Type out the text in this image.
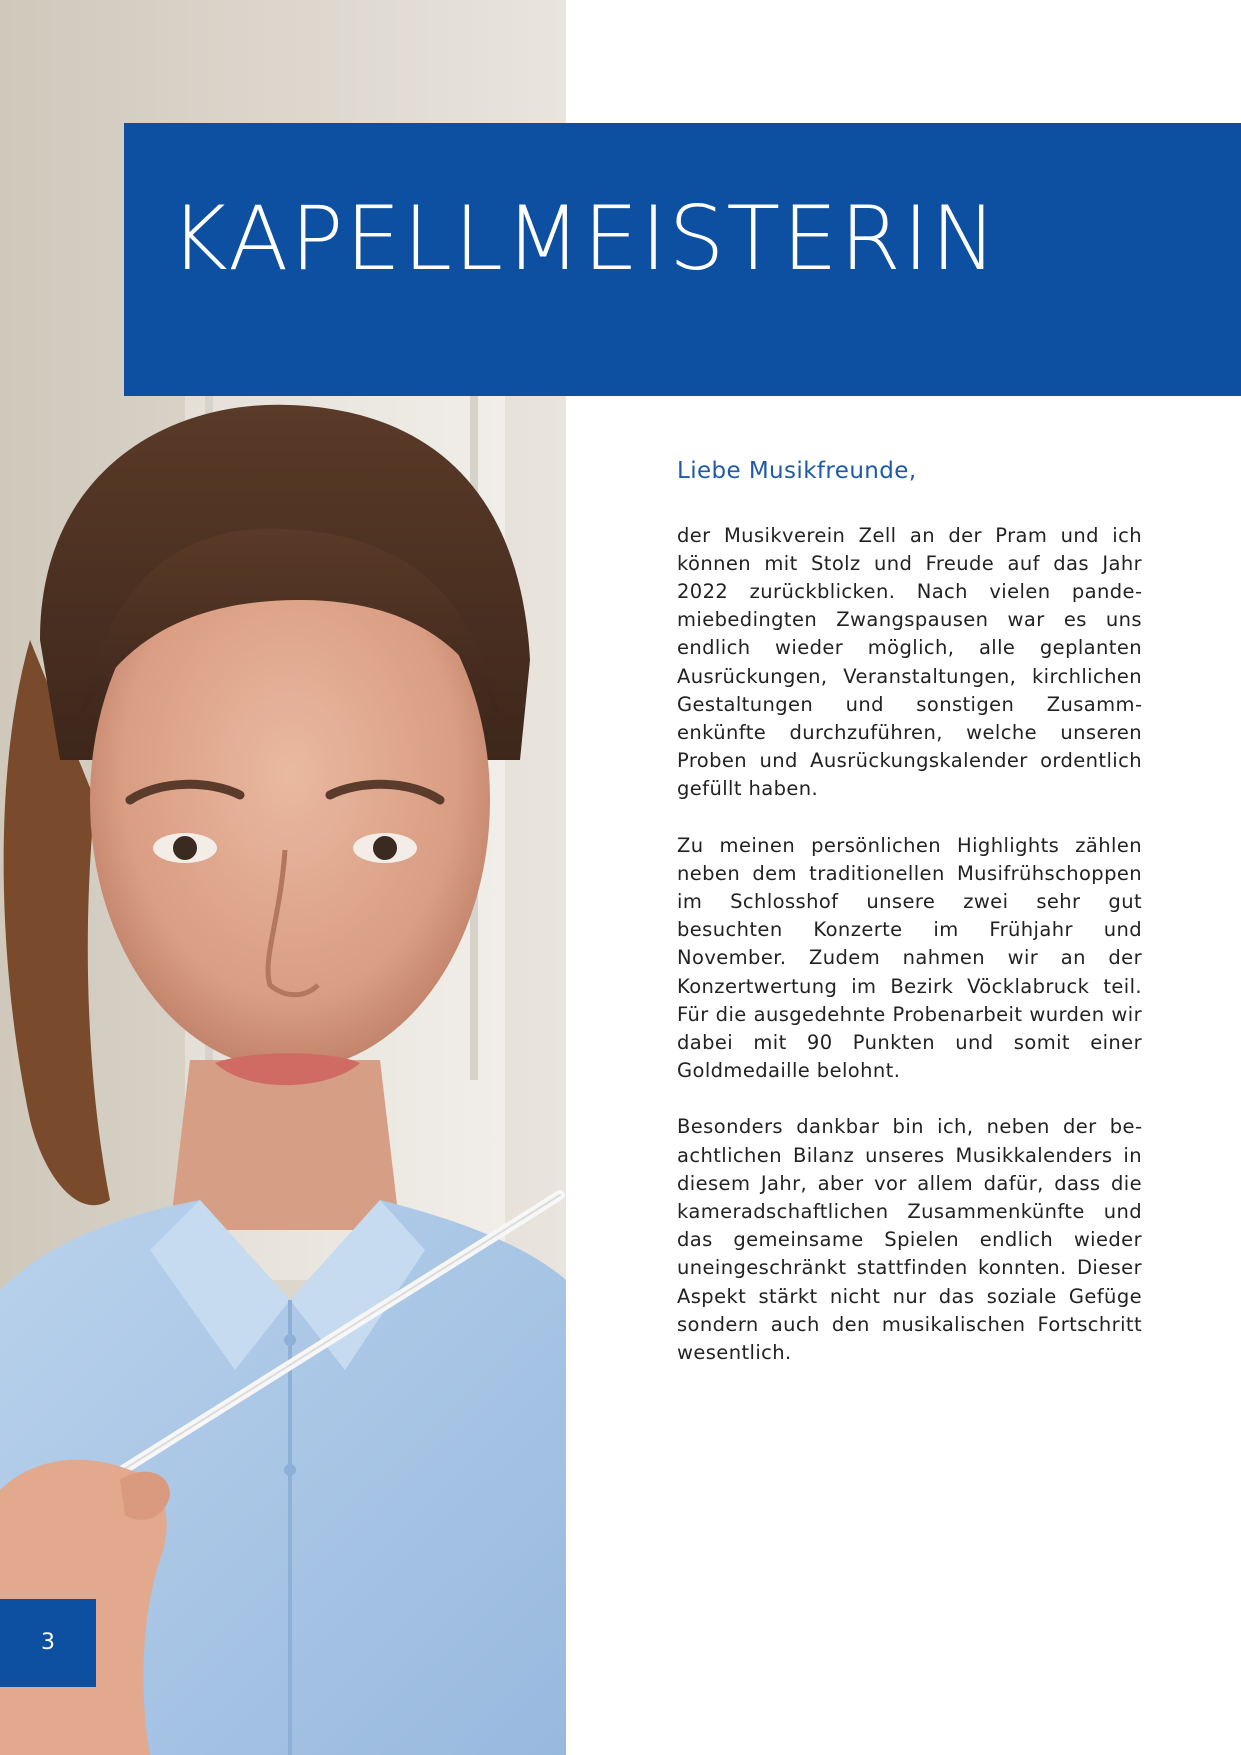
KAPELLMEISTERIN

Liebe Musikfreunde,

der Musikverein Zell an der Pram und ich können mit Stolz und Freude auf das Jahr 2022 zurückblicken. Nach vielen pandemiebedingten Zwangspausen war es uns endlich wieder möglich, alle geplanten Ausrückungen, Veranstaltungen, kirchlichen Gestaltungen und sonstigen Zusammenkünfte durchzuführen, welche unseren Proben und Ausrückungskalender ordentlich gefüllt haben.

Zu meinen persönlichen Highlights zählen neben dem traditionellen Musifrühschoppen im Schlosshof unsere zwei sehr gut besuchten Konzerte im Frühjahr und November. Zudem nahmen wir an der Konzertwertung im Bezirk Vöcklabruck teil. Für die ausgedehnte Probenarbeit wurden wir dabei mit 90 Punkten und somit einer Goldmedaille belohnt.

Besonders dankbar bin ich, neben der beachtlichen Bilanz unseres Musikkalenders in diesem Jahr, aber vor allem dafür, dass die kameradschaftlichen Zusammenkünfte und das gemeinsame Spielen endlich wieder uneingeschränkt stattfinden konnten. Dieser Aspekt stärkt nicht nur das soziale Gefüge sondern auch den musikalischen Fortschritt wesentlich.

3
